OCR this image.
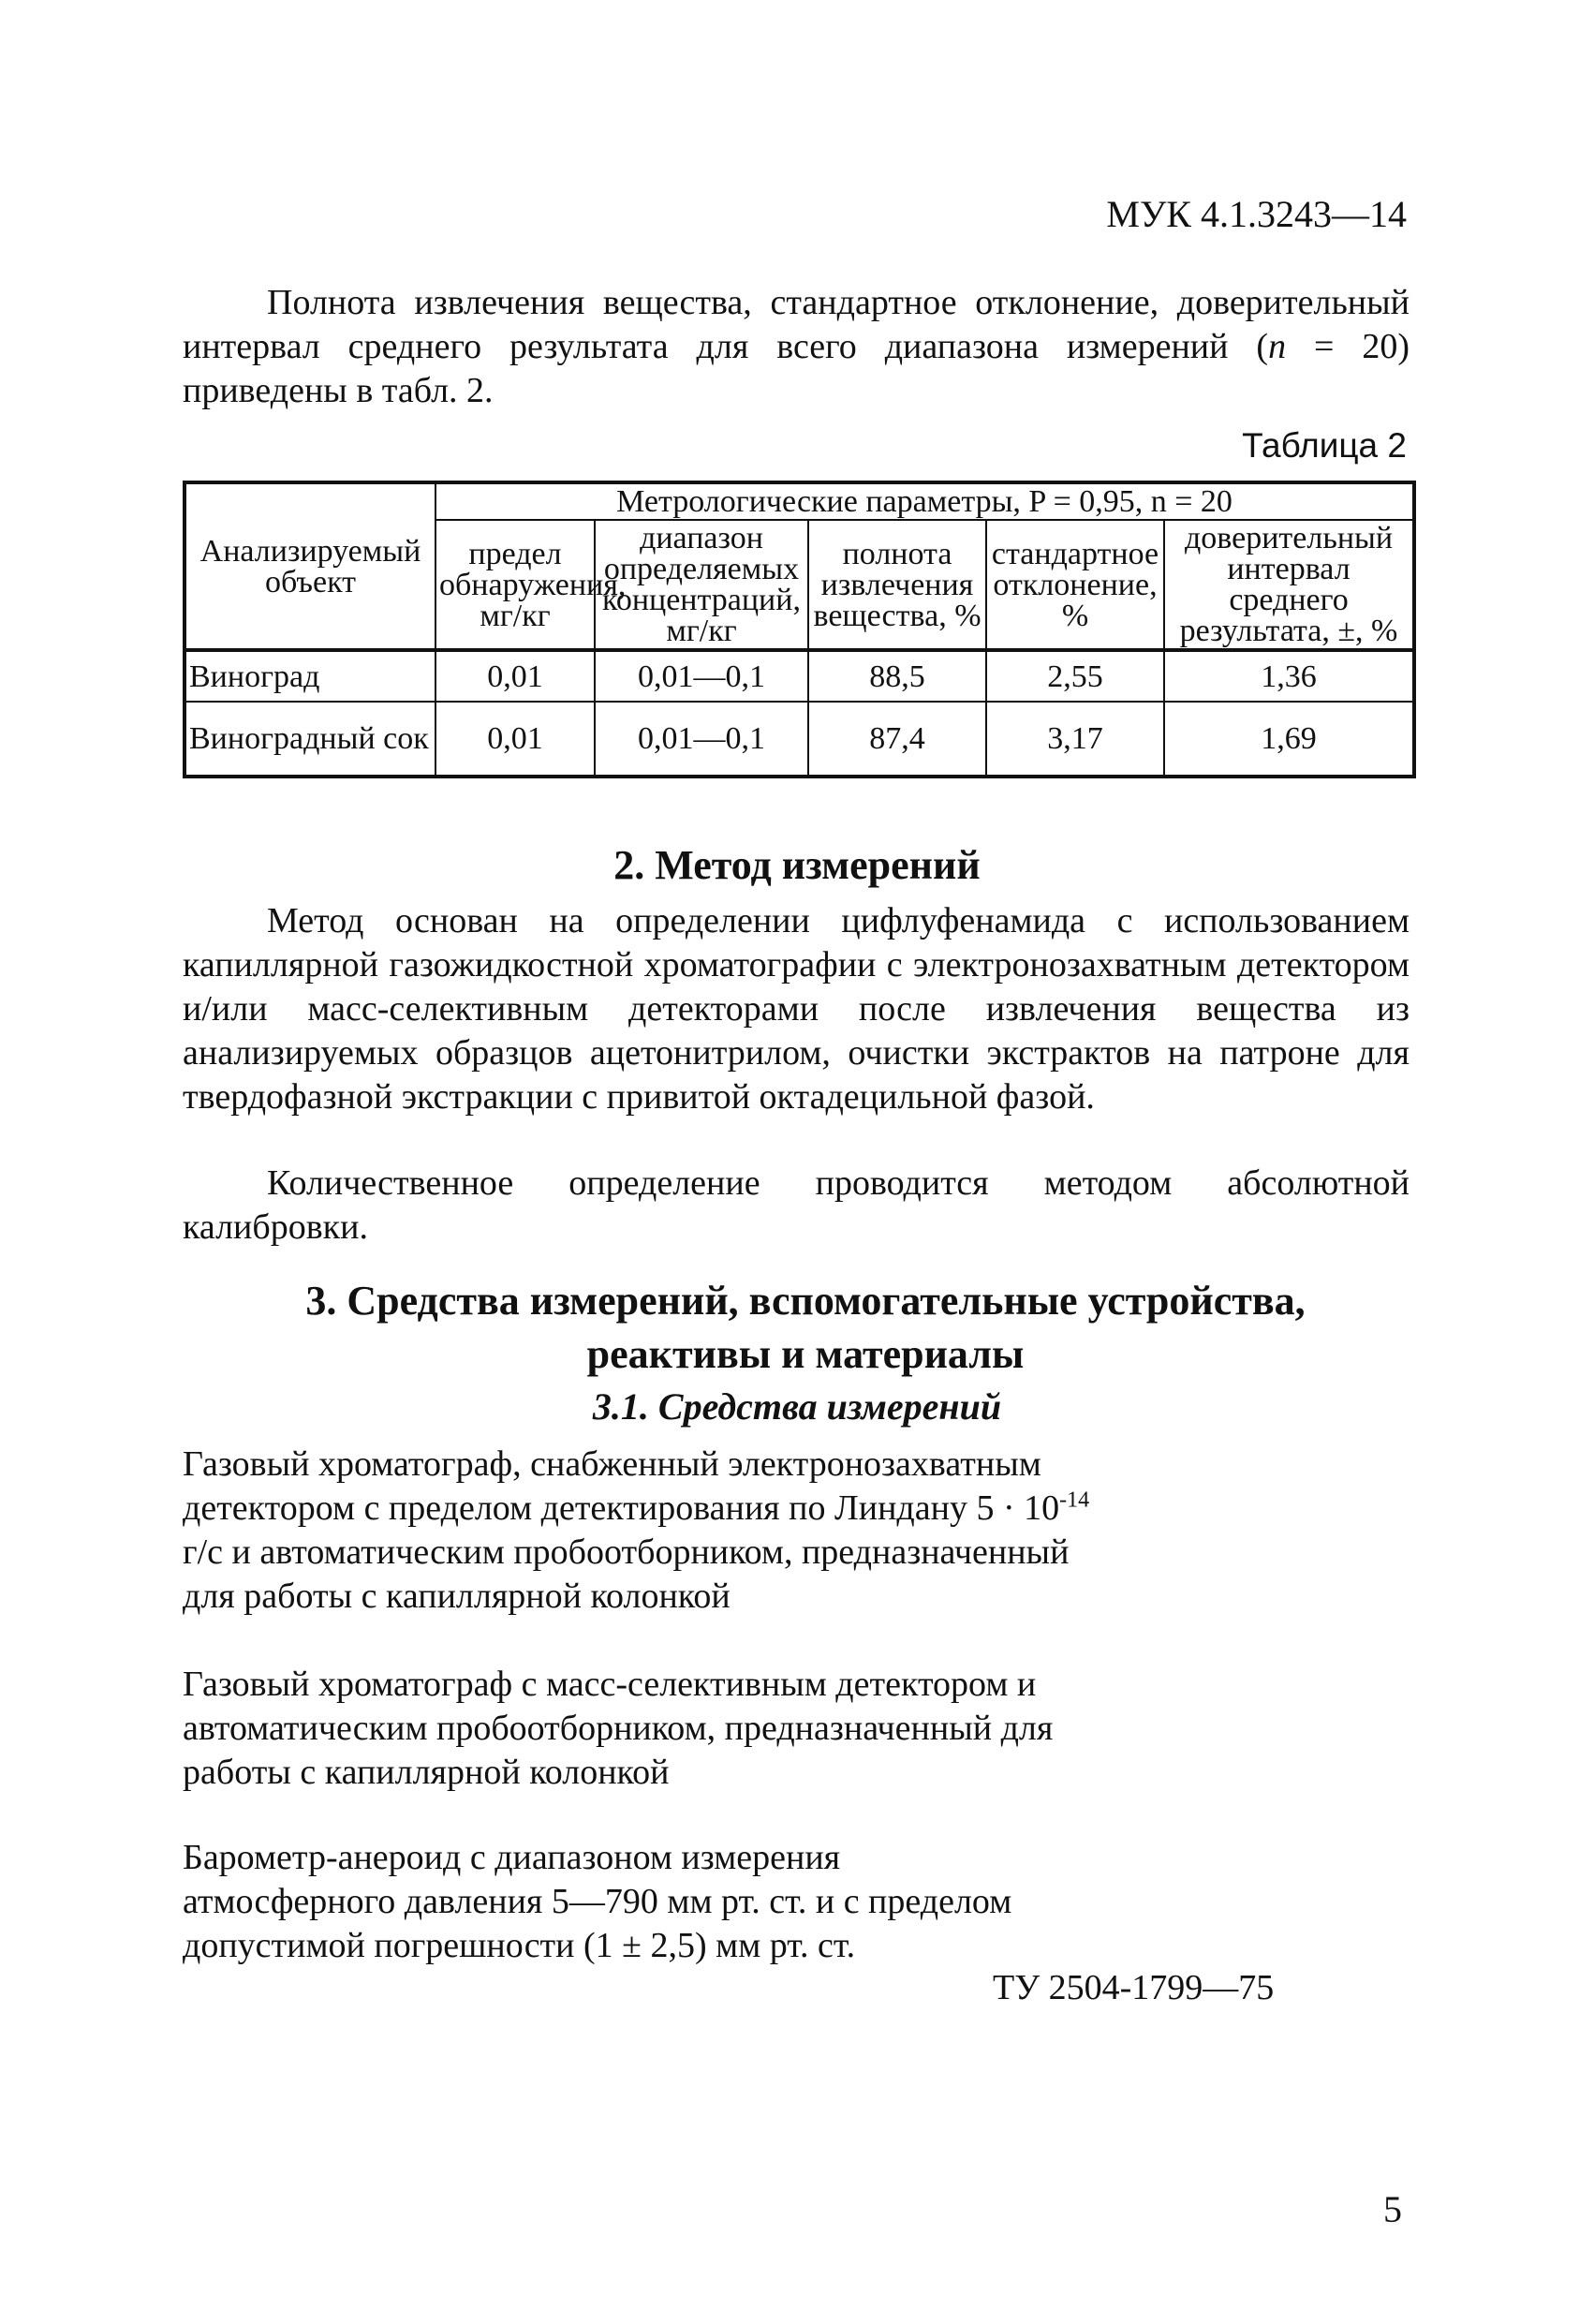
МУК 4.1.3243—14

Полнота извлечения вещества, стандартное отклонение, доверительный интервал среднего результата для всего диапазона измерений (n = 20) приведены в табл. 2.

Таблица 2
Анализируемый объект	Метрологические параметры, P = 0,95, n = 20				
	предел обнаружения, мг/кг	диапазон определяемых концентраций, мг/кг	полнота извлечения вещества, %	стандартное отклонение, %	доверительный интервал среднего результата, ±, %
Виноград	0,01	0,01—0,1	88,5	2,55	1,36
Виноградный сок	0,01	0,01—0,1	87,4	3,17	1,69
2. Метод измерений

Метод основан на определении цифлуфенамида с использованием капиллярной газожидкостной хроматографии с электронозахватным детектором и/или масс-селективным детекторами после извлечения вещества из анализируемых образцов ацетонитрилом, очистки экстрактов на патроне для твердофазной экстракции с привитой октадецильной фазой.

Количественное определение проводится методом абсолютной калибровки.

3. Средства измерений, вспомогательные устройства, реактивы и материалы
3.1. Средства измерений

Газовый хроматограф, снабженный электронозахватным детектором с пределом детектирования по Линдану $5 \cdot 10^{-14}$ г/с и автоматическим пробоотборником, предназначенный для работы с капиллярной колонкой

Газовый хроматограф с масс-селективным детектором и автоматическим пробоотборником, предназначенный для работы с капиллярной колонкой

Барометр-анероид с диапазоном измерения атмосферного давления 5—790 мм рт. ст. и с пределом допустимой погрешности (1 ± 2,5) мм рт. ст.

ТУ 2504-1799—75
5
